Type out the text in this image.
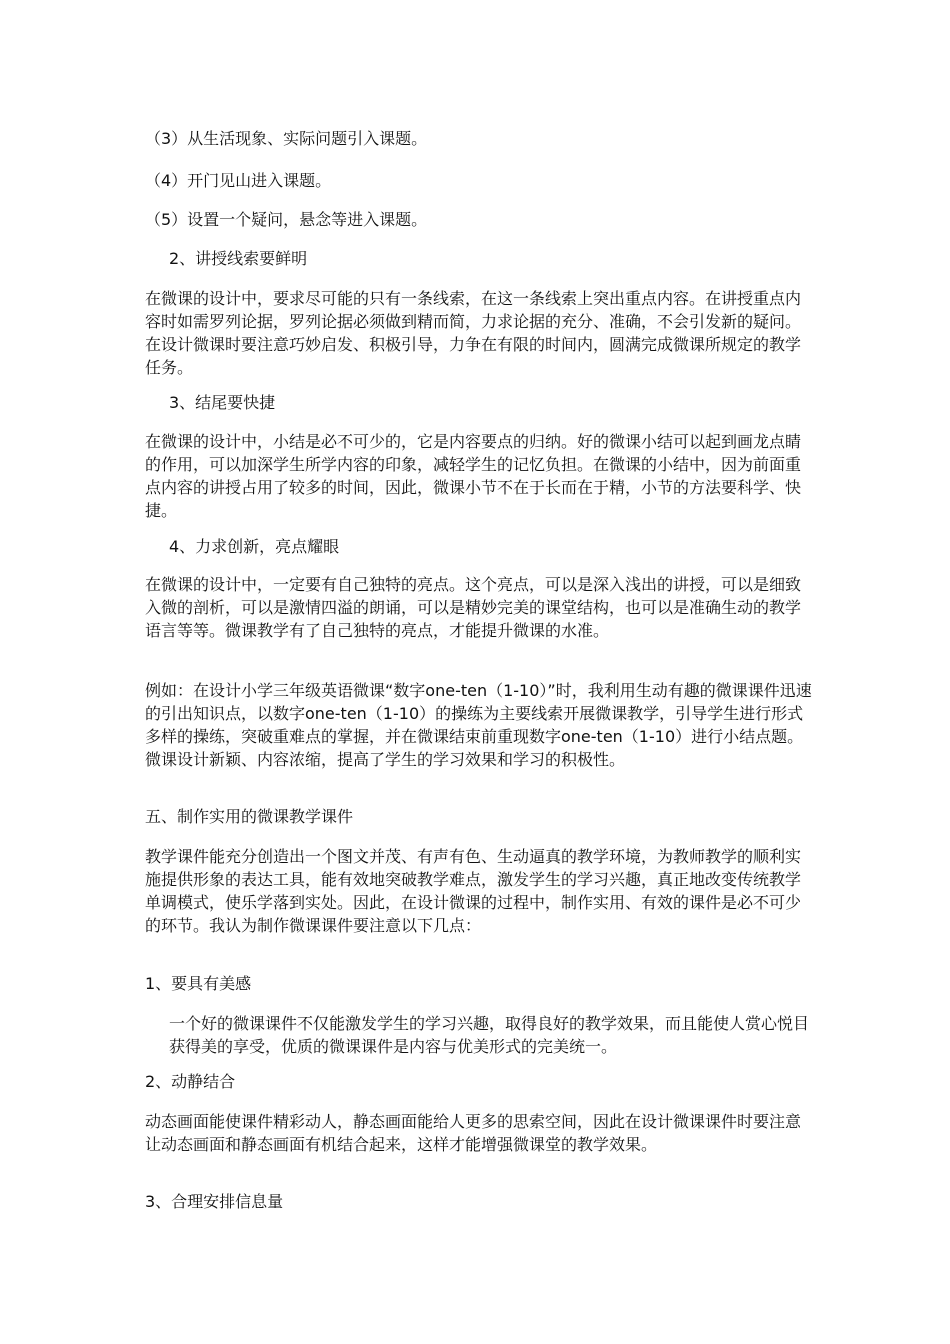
（3）从生活现象、实际问题引入课题。

（4）开门见山进入课题。

（5）设置一个疑问，悬念等进入课题。

2、讲授线索要鲜明

在微课的设计中，要求尽可能的只有一条线索，在这一条线索上突出重点内容。在讲授重点内容时如需罗列论据，罗列论据必须做到精而简，力求论据的充分、准确，不会引发新的疑问。在设计微课时要注意巧妙启发、积极引导，力争在有限的时间内，圆满完成微课所规定的教学任务。

3、结尾要快捷

在微课的设计中，小结是必不可少的，它是内容要点的归纳。好的微课小结可以起到画龙点睛的作用，可以加深学生所学内容的印象，减轻学生的记忆负担。在微课的小结中，因为前面重点内容的讲授占用了较多的时间，因此，微课小节不在于长而在于精，小节的方法要科学、快捷。

4、力求创新，亮点耀眼

在微课的设计中，一定要有自己独特的亮点。这个亮点，可以是深入浅出的讲授，可以是细致入微的剖析，可以是激情四溢的朗诵，可以是精妙完美的课堂结构，也可以是准确生动的教学语言等等。微课教学有了自己独特的亮点，才能提升微课的水准。

例如：在设计小学三年级英语微课“数字one-ten（1-10）”时，我利用生动有趣的微课课件迅速的引出知识点，以数字one-ten（1-10）的操练为主要线索开展微课教学，引导学生进行形式多样的操练，突破重难点的掌握，并在微课结束前重现数字one-ten（1-10）进行小结点题。微课设计新颖、内容浓缩，提高了学生的学习效果和学习的积极性。

五、制作实用的微课教学课件

教学课件能充分创造出一个图文并茂、有声有色、生动逼真的教学环境，为教师教学的顺利实施提供形象的表达工具，能有效地突破教学难点，激发学生的学习兴趣，真正地改变传统教学单调模式，使乐学落到实处。因此，在设计微课的过程中，制作实用、有效的课件是必不可少的环节。我认为制作微课课件要注意以下几点：

1、要具有美感

一个好的微课课件不仅能激发学生的学习兴趣，取得良好的教学效果，而且能使人赏心悦目获得美的享受，优质的微课课件是内容与优美形式的完美统一。

2、动静结合

动态画面能使课件精彩动人，静态画面能给人更多的思索空间，因此在设计微课课件时要注意让动态画面和静态画面有机结合起来，这样才能增强微课堂的教学效果。

3、合理安排信息量
